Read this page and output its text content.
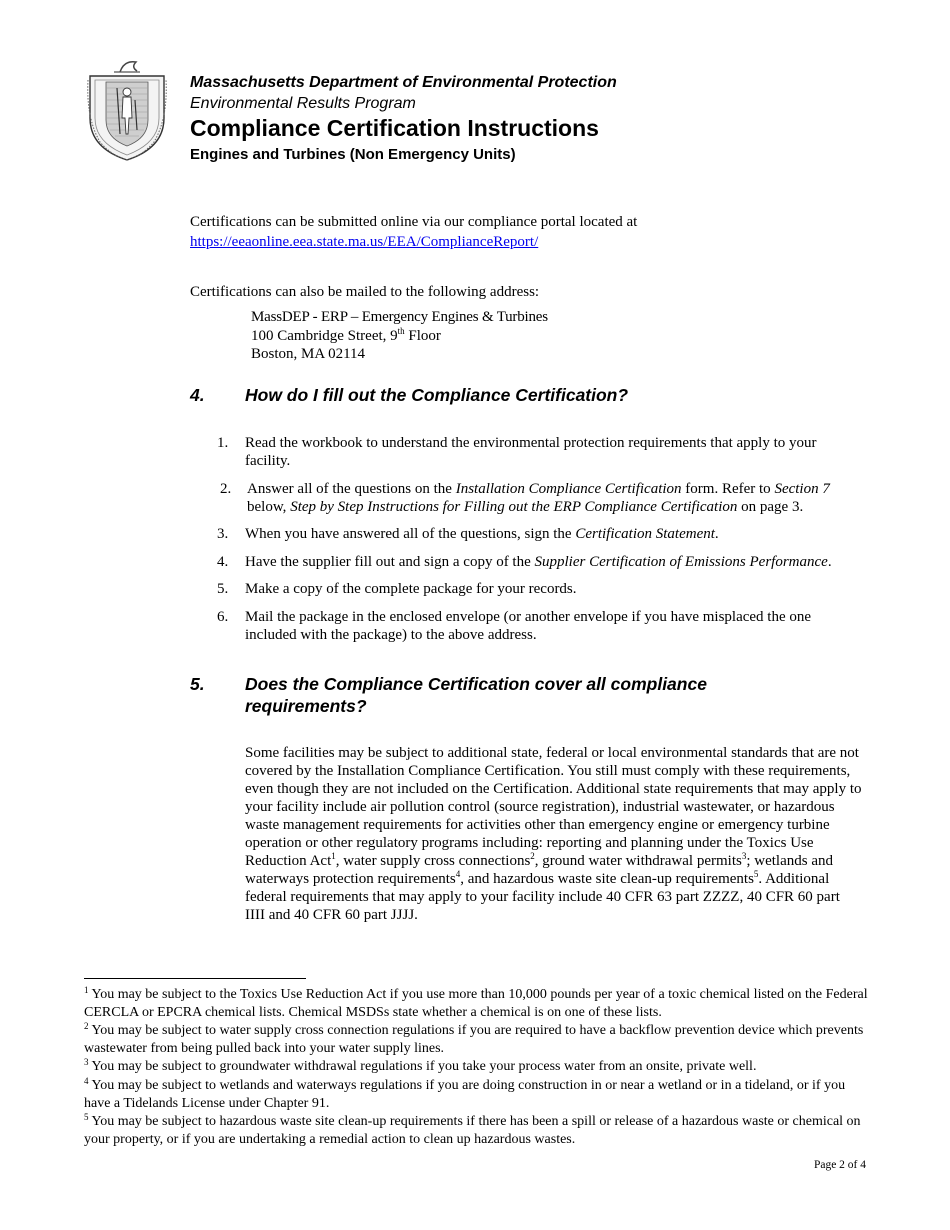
Massachusetts Department of Environmental Protection
Environmental Results Program
Compliance Certification Instructions
Engines and Turbines (Non Emergency Units)
Certifications can be submitted online via our compliance portal located at
https://eeaonline.eea.state.ma.us/EEA/ComplianceReport/
Certifications can also be mailed to the following address:
MassDEP - ERP – Emergency Engines & Turbines
100 Cambridge Street, 9th Floor
Boston, MA 02114
4. How do I fill out the Compliance Certification?
1. Read the workbook to understand the environmental protection requirements that apply to your facility.
2. Answer all of the questions on the Installation Compliance Certification form. Refer to Section 7 below, Step by Step Instructions for Filling out the ERP Compliance Certification on page 3.
3. When you have answered all of the questions, sign the Certification Statement.
4. Have the supplier fill out and sign a copy of the Supplier Certification of Emissions Performance.
5. Make a copy of the complete package for your records.
6. Mail the package in the enclosed envelope (or another envelope if you have misplaced the one included with the package) to the above address.
5. Does the Compliance Certification cover all compliance
requirements?
Some facilities may be subject to additional state, federal or local environmental standards that are not covered by the Installation Compliance Certification. You still must comply with these requirements, even though they are not included on the Certification. Additional state requirements that may apply to your facility include air pollution control (source registration), industrial wastewater, or hazardous waste management requirements for activities other than emergency engine or emergency turbine operation or other regulatory programs including: reporting and planning under the Toxics Use Reduction Act$^1$, water supply cross connections$^2$, ground water withdrawal permits$^3$; wetlands and waterways protection requirements$^4$, and hazardous waste site clean-up requirements$^5$. Additional federal requirements that may apply to your facility include 40 CFR 63 part ZZZZ, 40 CFR 60 part IIII and 40 CFR 60 part JJJJ.
$^1$ You may be subject to the Toxics Use Reduction Act if you use more than 10,000 pounds per year of a toxic chemical listed on the Federal CERCLA or EPCRA chemical lists. Chemical MSDSs state whether a chemical is on one of these lists.
$^2$ You may be subject to water supply cross connection regulations if you are required to have a backflow prevention device which prevents wastewater from being pulled back into your water supply lines.
$^3$ You may be subject to groundwater withdrawal regulations if you take your process water from an onsite, private well.
$^4$ You may be subject to wetlands and waterways regulations if you are doing construction in or near a wetland or in a tideland, or if you have a Tidelands License under Chapter 91.
$^5$ You may be subject to hazardous waste site clean-up requirements if there has been a spill or release of a hazardous waste or chemical on your property, or if you are undertaking a remedial action to clean up hazardous wastes.
Page 2 of 4
